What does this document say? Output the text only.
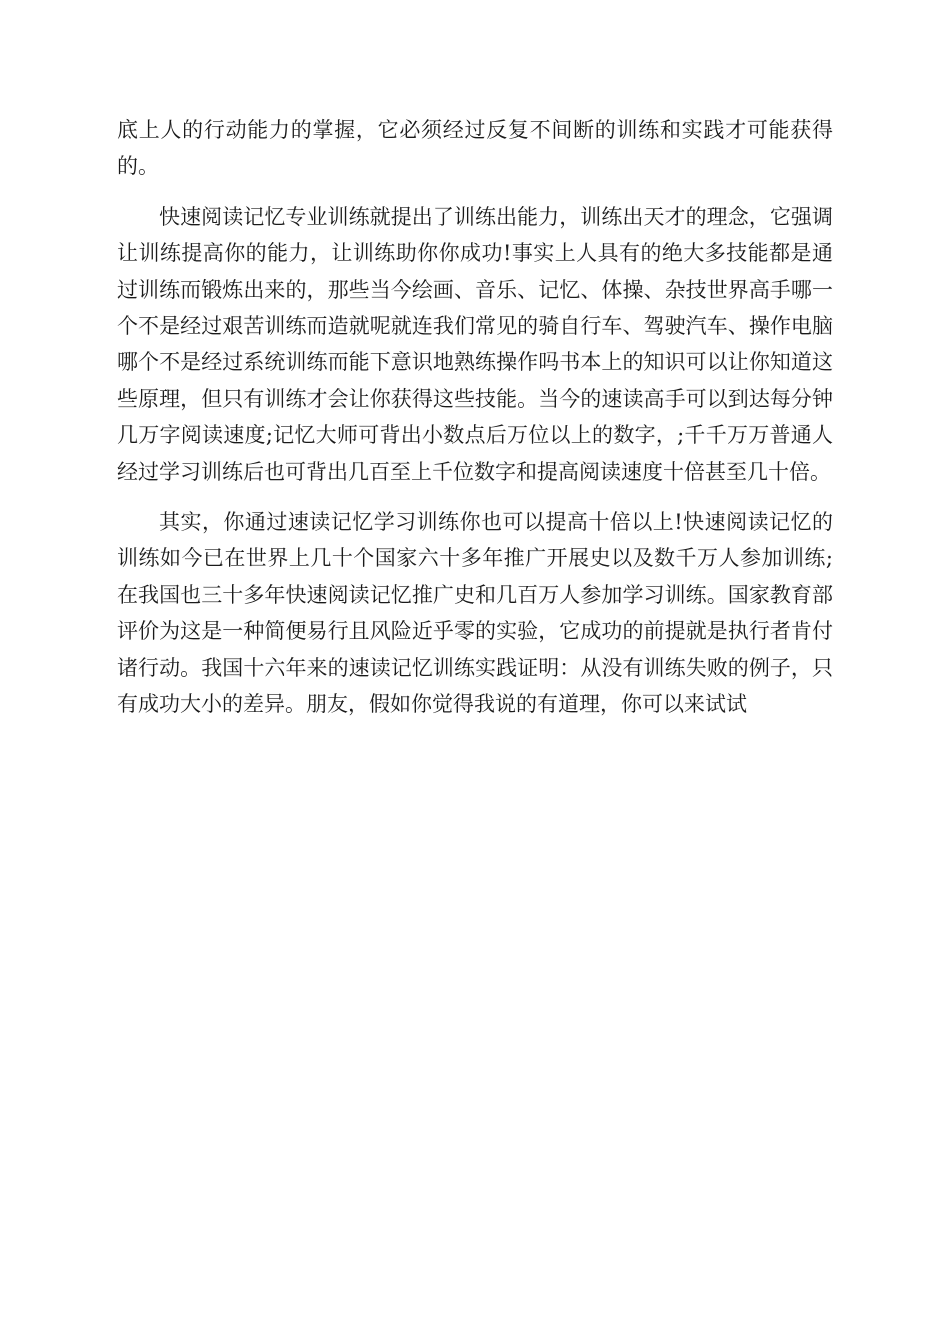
底上人的行动能力的掌握，它必须经过反复不间断的训练和实践才可能获得的。

快速阅读记忆专业训练就提出了训练出能力，训练出天才的理念，它强调让训练提高你的能力，让训练助你你成功!事实上人具有的绝大多技能都是通过训练而锻炼出来的，那些当今绘画、音乐、记忆、体操、杂技世界高手哪一个不是经过艰苦训练而造就呢就连我们常见的骑自行车、驾驶汽车、操作电脑哪个不是经过系统训练而能下意识地熟练操作吗书本上的知识可以让你知道这些原理，但只有训练才会让你获得这些技能。当今的速读高手可以到达每分钟几万字阅读速度;记忆大师可背出小数点后万位以上的数字，;千千万万普通人经过学习训练后也可背出几百至上千位数字和提高阅读速度十倍甚至几十倍。

其实，你通过速读记忆学习训练你也可以提高十倍以上!快速阅读记忆的训练如今已在世界上几十个国家六十多年推广开展史以及数千万人参加训练;在我国也三十多年快速阅读记忆推广史和几百万人参加学习训练。国家教育部评价为这是一种简便易行且风险近乎零的实验，它成功的前提就是执行者肯付诸行动。我国十六年来的速读记忆训练实践证明：从没有训练失败的例子，只有成功大小的差异。朋友，假如你觉得我说的有道理，你可以来试试
